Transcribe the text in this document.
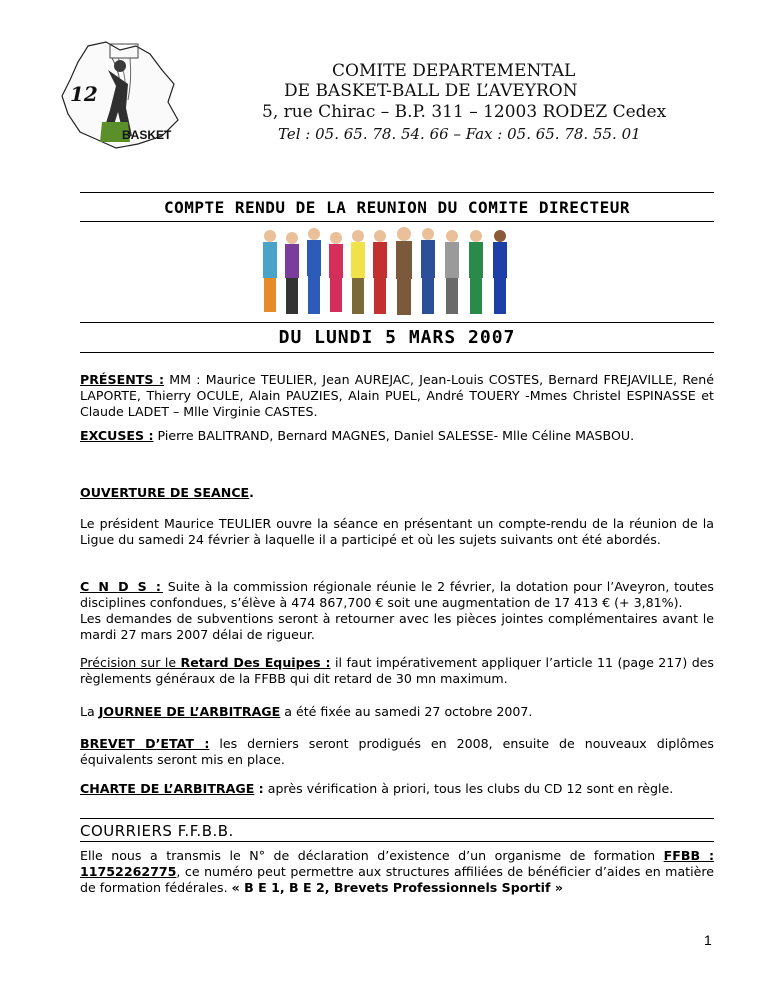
12
BASKET
COMITE DEPARTEMENTAL
DE BASKET-BALL DE L’AVEYRON
5, rue Chirac – B.P. 311 – 12003 RODEZ Cedex
Tel : 05. 65. 78. 54. 66 – Fax : 05. 65. 78. 55. 01
COMPTE RENDU DE LA REUNION DU COMITE DIRECTEUR
DU LUNDI 5 MARS 2007
PRÉSENTS : MM : Maurice TEULIER, Jean AUREJAC, Jean-Louis COSTES, Bernard FREJAVILLE, René LAPORTE, Thierry OCULE, Alain PAUZIES, Alain PUEL, André TOUERY -Mmes Christel ESPINASSE et Claude LADET – Mlle Virginie CASTES.
EXCUSES : Pierre BALITRAND, Bernard MAGNES, Daniel SALESSE- Mlle Céline MASBOU.
OUVERTURE DE SEANCE.
Le président Maurice TEULIER ouvre la séance en présentant un compte-rendu de la réunion de la Ligue du samedi 24 février à laquelle il a participé et où les sujets suivants ont été abordés.
C N D S : Suite à la commission régionale réunie le 2 février, la dotation pour l’Aveyron, toutes disciplines confondues, s’élève à 474 867,700 € soit une augmentation de 17 413 € (+ 3,81%).
Les demandes de subventions seront à retourner avec les pièces jointes complémentaires avant le mardi 27 mars 2007 délai de rigueur.
Précision sur le Retard Des Equipes : il faut impérativement appliquer l’article 11 (page 217) des règlements généraux de la FFBB qui dit retard de 30 mn maximum.
La JOURNEE DE L’ARBITRAGE a été fixée au samedi 27 octobre 2007.
BREVET D’ETAT : les derniers seront prodigués en 2008, ensuite de nouveaux diplômes équivalents seront mis en place.
CHARTE DE L’ARBITRAGE : après vérification à priori, tous les clubs du CD 12 sont en règle.
COURRIERS F.F.B.B.
Elle nous a transmis le N° de déclaration d’existence d’un organisme de formation FFBB : 11752262775, ce numéro peut permettre aux structures affiliées de bénéficier d’aides en matière de formation fédérales. « B E 1, B E 2, Brevets Professionnels Sportif »
1
